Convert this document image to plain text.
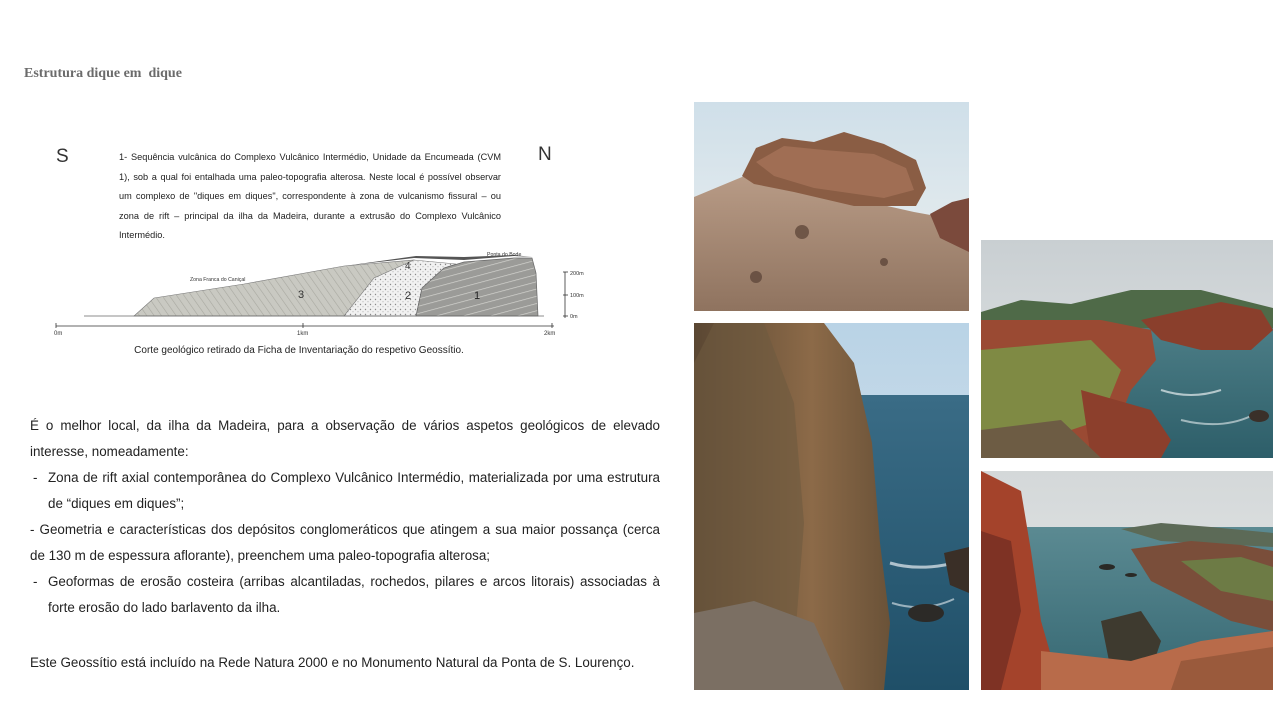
Estrutura dique em  dique
Zona Franca do Caniçal
Ponta do Bode
3	2	1
4
200m
100m
0m
0m	1km	2km
S	N
1- Sequência vulcânica do Complexo Vulcânico Intermédio, Unidade da Encumeada (CVM 1), sob a qual foi entalhada uma paleo-topografia alterosa. Neste local é possível observar um complexo de "diques em diques", correspondente à zona de vulcanismo fissural – ou zona de rift – principal da ilha da Madeira, durante a extrusão do Complexo Vulcânico Intermédio.
Corte geológico retirado da Ficha de Inventariação do respetivo Geossítio.

É o melhor local, da ilha da Madeira, para a observação de vários aspetos geológicos de elevado interesse, nomeadamente:

- Zona de rift axial contemporânea do Complexo Vulcânico Intermédio, materializada por uma estrutura de “diques em diques”;
- Geometria e características dos depósitos conglomeráticos que atingem a sua maior possança (cerca de 130 m de espessura aflorante), preenchem uma paleo-topografia alterosa;
- Geoformas de erosão costeira (arribas alcantiladas, rochedos, pilares e arcos litorais) associadas à forte erosão do lado barlavento da ilha.

Este Geossítio está incluído na Rede Natura 2000 e no Monumento Natural da Ponta de S. Lourenço.
